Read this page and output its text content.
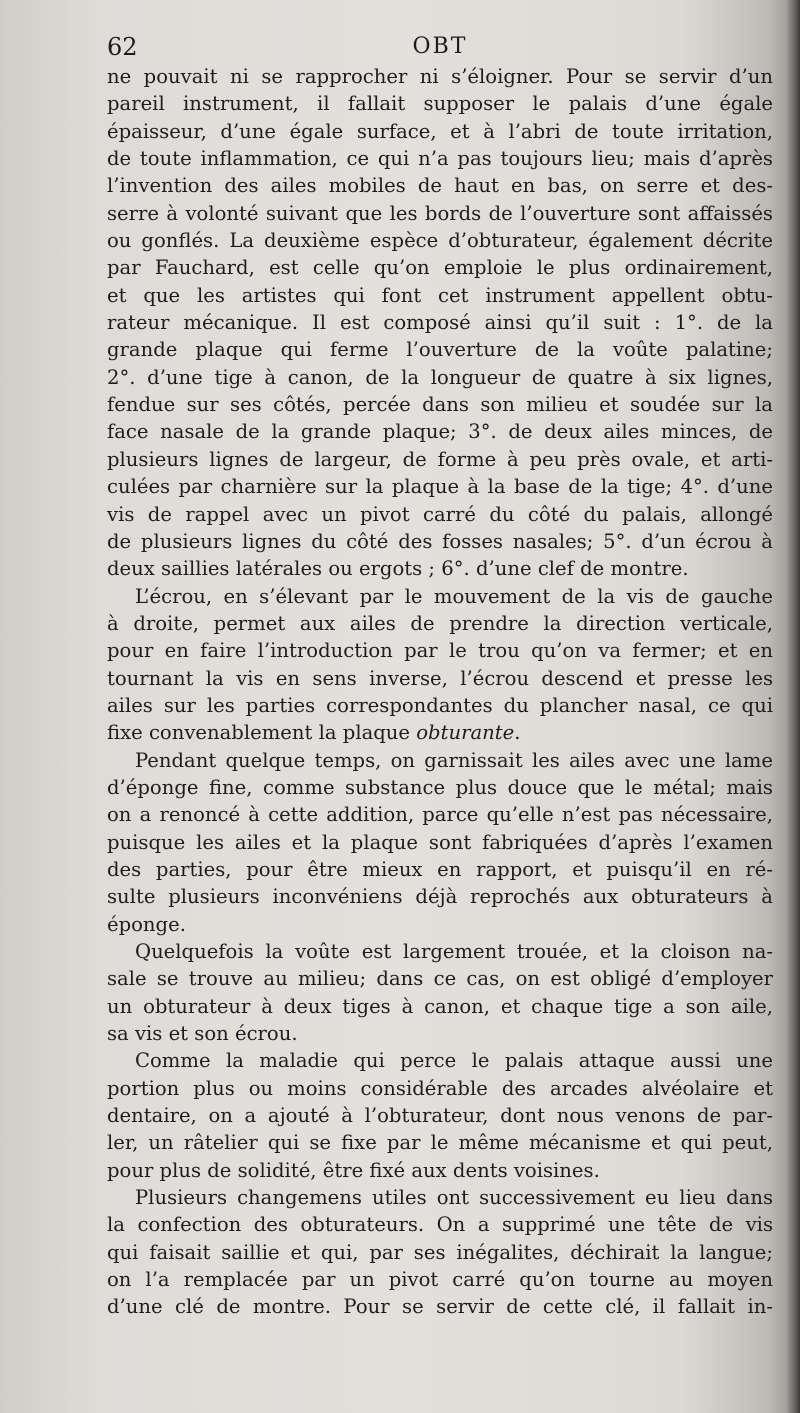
62	OBT
ne pouvait ni se rapprocher ni s’éloigner. Pour se servir d’un
pareil instrument, il fallait supposer le palais d’une égale
épaisseur, d’une égale surface, et à l’abri de toute irritation,
de toute inflammation, ce qui n’a pas toujours lieu; mais d’après
l’invention des ailes mobiles de haut en bas, on serre et des-
serre à volonté suivant que les bords de l’ouverture sont affaissés
ou gonflés. La deuxième espèce d’obturateur, également décrite
par Fauchard, est celle qu’on emploie le plus ordinairement,
et que les artistes qui font cet instrument appellent obtu-
rateur mécanique. Il est composé ainsi qu’il suit : 1°. de la
grande plaque qui ferme l’ouverture de la voûte palatine;
2°. d’une tige à canon, de la longueur de quatre à six lignes,
fendue sur ses côtés, percée dans son milieu et soudée sur la
face nasale de la grande plaque; 3°. de deux ailes minces, de
plusieurs lignes de largeur, de forme à peu près ovale, et arti-
culées par charnière sur la plaque à la base de la tige; 4°. d’une
vis de rappel avec un pivot carré du côté du palais, allongé
de plusieurs lignes du côté des fosses nasales; 5°. d’un écrou à
deux saillies latérales ou ergots ; 6°. d’une clef de montre.
L’écrou, en s’élevant par le mouvement de la vis de gauche
à droite, permet aux ailes de prendre la direction verticale,
pour en faire l’introduction par le trou qu’on va fermer; et en
tournant la vis en sens inverse, l’écrou descend et presse les
ailes sur les parties correspondantes du plancher nasal, ce qui
fixe convenablement la plaque obturante.
Pendant quelque temps, on garnissait les ailes avec une lame
d’éponge fine, comme substance plus douce que le métal; mais
on a renoncé à cette addition, parce qu’elle n’est pas nécessaire,
puisque les ailes et la plaque sont fabriquées d’après l’examen
des parties, pour être mieux en rapport, et puisqu’il en ré-
sulte plusieurs inconvéniens déjà reprochés aux obturateurs à
éponge.
Quelquefois la voûte est largement trouée, et la cloison na-
sale se trouve au milieu; dans ce cas, on est obligé d’employer
un obturateur à deux tiges à canon, et chaque tige a son aile,
sa vis et son écrou.
Comme la maladie qui perce le palais attaque aussi une
portion plus ou moins considérable des arcades alvéolaire et
dentaire, on a ajouté à l’obturateur, dont nous venons de par-
ler, un râtelier qui se fixe par le même mécanisme et qui peut,
pour plus de solidité, être fixé aux dents voisines.
Plusieurs changemens utiles ont successivement eu lieu dans
la confection des obturateurs. On a supprimé une tête de vis
qui faisait saillie et qui, par ses inégalites, déchirait la langue;
on l’a remplacée par un pivot carré qu’on tourne au moyen
d’une clé de montre. Pour se servir de cette clé, il fallait in-
